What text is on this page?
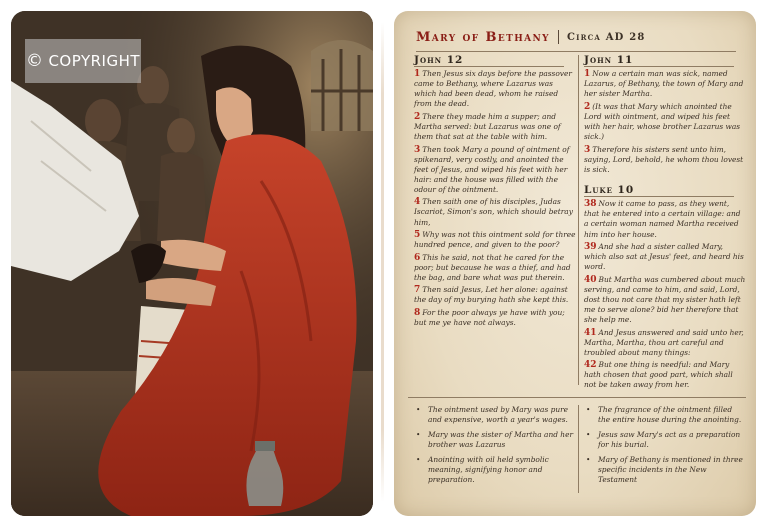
© COPYRIGHT
Mary of Bethany Circa AD 28
John 12
1 Then Jesus six days before the passover came to Bethany, where Lazarus was which had been dead, whom he raised from the dead.
2 There they made him a supper; and Martha served: but Lazarus was one of them that sat at the table with him.
3 Then took Mary a pound of ointment of spikenard, very costly, and anointed the feet of Jesus, and wiped his feet with her hair: and the house was filled with the odour of the ointment.
4 Then saith one of his disciples, Judas Iscariot, Simon's son, which should betray him,
5 Why was not this ointment sold for three hundred pence, and given to the poor?
6 This he said, not that he cared for the poor; but because he was a thief, and had the bag, and bare what was put therein.
7 Then said Jesus, Let her alone: against the day of my burying hath she kept this.
8 For the poor always ye have with you; but me ye have not always.
John 11
1 Now a certain man was sick, named Lazarus, of Bethany, the town of Mary and her sister Martha.
2 (It was that Mary which anointed the Lord with ointment, and wiped his feet with her hair, whose brother Lazarus was sick.)
3 Therefore his sisters sent unto him, saying, Lord, behold, he whom thou lovest is sick.
Luke 10
38 Now it came to pass, as they went, that he entered into a certain village: and a certain woman named Martha received him into her house.
39 And she had a sister called Mary, which also sat at Jesus' feet, and heard his word.
40 But Martha was cumbered about much serving, and came to him, and said, Lord, dost thou not care that my sister hath left me to serve alone? bid her therefore that she help me.
41 And Jesus answered and said unto her, Martha, Martha, thou art careful and troubled about many things:
42 But one thing is needful: and Mary hath chosen that good part, which shall not be taken away from her.
• The ointment used by Mary was pure and expensive, worth a year's wages.
• Mary was the sister of Martha and her brother was Lazarus
• Anointing with oil held symbolic meaning, signifying honor and preparation.
• The fragrance of the ointment filled the entire house during the anointing.
• Jesus saw Mary's act as a preparation for his burial.
• Mary of Bethany is mentioned in three specific incidents in the New Testament
